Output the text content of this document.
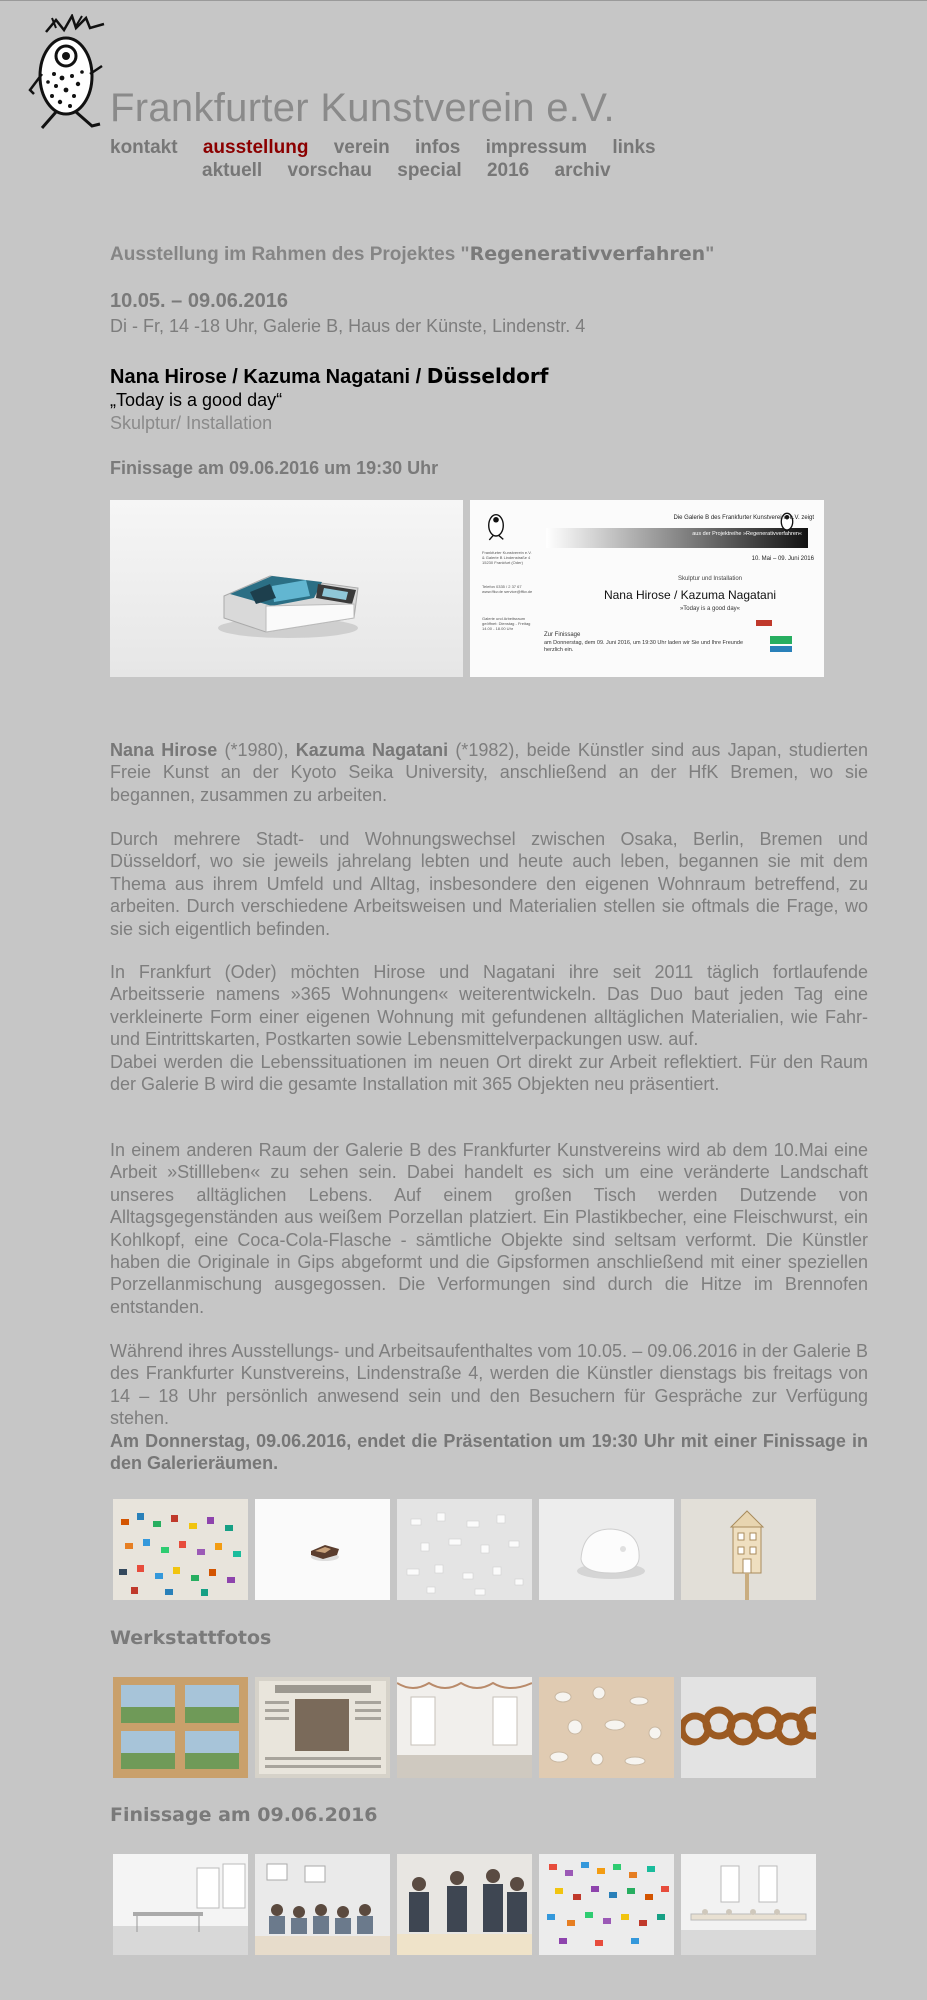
Frankfurter Kunstverein e.V.
kontakt ausstellung verein infos impressum links
aktuell vorschau special 2016 archiv
Ausstellung im Rahmen des Projektes "Regenerativverfahren"
10.05. – 09.06.2016
Di - Fr, 14 -18 Uhr, Galerie B, Haus der Künste, Lindenstr. 4
Nana Hirose / Kazuma Nagatani / Düsseldorf
„Today is a good day“
Skulptur/ Installation
Finissage am 09.06.2016 um 19:30 Uhr
Die Galerie B des Frankfurter Kunstvereins e.V. zeigt
aus der Projektreihe »Regenerativverfahren«
10. Mai – 09. Juni 2016
Skulptur und Installation
Nana Hirose / Kazuma Nagatani
»Today is a good day«
Zur Finissage
am Donnerstag, dem 09. Juni 2016, um 19:30 Uhr laden wir Sie und Ihre Freunde herzlich ein.
Frankfurter Kunstverein e.V. & Galerie B Lindenstraße 4 15230 Frankfurt (Oder)
Telefon 0335 / 2 37 67 www.ffkv.de service@ffkv.de
Galerie und Arbeitsraum geöffnet: Dienstag - Freitag 14.00 - 18.00 Uhr

Nana Hirose (*1980), Kazuma Nagatani (*1982), beide Künstler sind aus Japan, studierten Freie Kunst an der Kyoto Seika University, anschließend an der HfK Bremen, wo sie begannen, zusammen zu arbeiten.

Durch mehrere Stadt- und Wohnungswechsel zwischen Osaka, Berlin, Bremen und Düsseldorf, wo sie jeweils jahrelang lebten und heute auch leben, begannen sie mit dem Thema aus ihrem Umfeld und Alltag, insbesondere den eigenen Wohnraum betreffend, zu arbeiten. Durch verschiedene Arbeitsweisen und Materialien stellen sie oftmals die Frage, wo sie sich eigentlich befinden.

In Frankfurt (Oder) möchten Hirose und Nagatani ihre seit 2011 täglich fortlaufende Arbeitsserie namens »365 Wohnungen« weiterentwickeln. Das Duo baut jeden Tag eine verkleinerte Form einer eigenen Wohnung mit gefundenen alltäglichen Materialien, wie Fahr- und Eintrittskarten, Postkarten sowie Lebensmittelverpackungen usw. auf.

Dabei werden die Lebenssituationen im neuen Ort direkt zur Arbeit reflektiert. Für den Raum der Galerie B wird die gesamte Installation mit 365 Objekten neu präsentiert.

In einem anderen Raum der Galerie B des Frankfurter Kunstvereins wird ab dem 10.Mai eine Arbeit »Stillleben« zu sehen sein. Dabei handelt es sich um eine veränderte Landschaft unseres alltäglichen Lebens. Auf einem großen Tisch werden Dutzende von Alltagsgegenständen aus weißem Porzellan platziert. Ein Plastikbecher, eine Fleischwurst, ein Kohlkopf, eine Coca-Cola-Flasche - sämtliche Objekte sind seltsam verformt. Die Künstler haben die Originale in Gips abgeformt und die Gipsformen anschließend mit einer speziellen Porzellanmischung ausgegossen. Die Verformungen sind durch die Hitze im Brennofen entstanden.

Während ihres Ausstellungs- und Arbeitsaufenthaltes vom 10.05. – 09.06.2016 in der Galerie B des Frankfurter Kunstvereins, Lindenstraße 4, werden die Künstler dienstags bis freitags von 14 – 18 Uhr persönlich anwesend sein und den Besuchern für Gespräche zur Verfügung stehen.

Am Donnerstag, 09.06.2016, endet die Präsentation um 19:30 Uhr mit einer Finissage in den Galerieräumen.

Werkstattfotos
Finissage am 09.06.2016
